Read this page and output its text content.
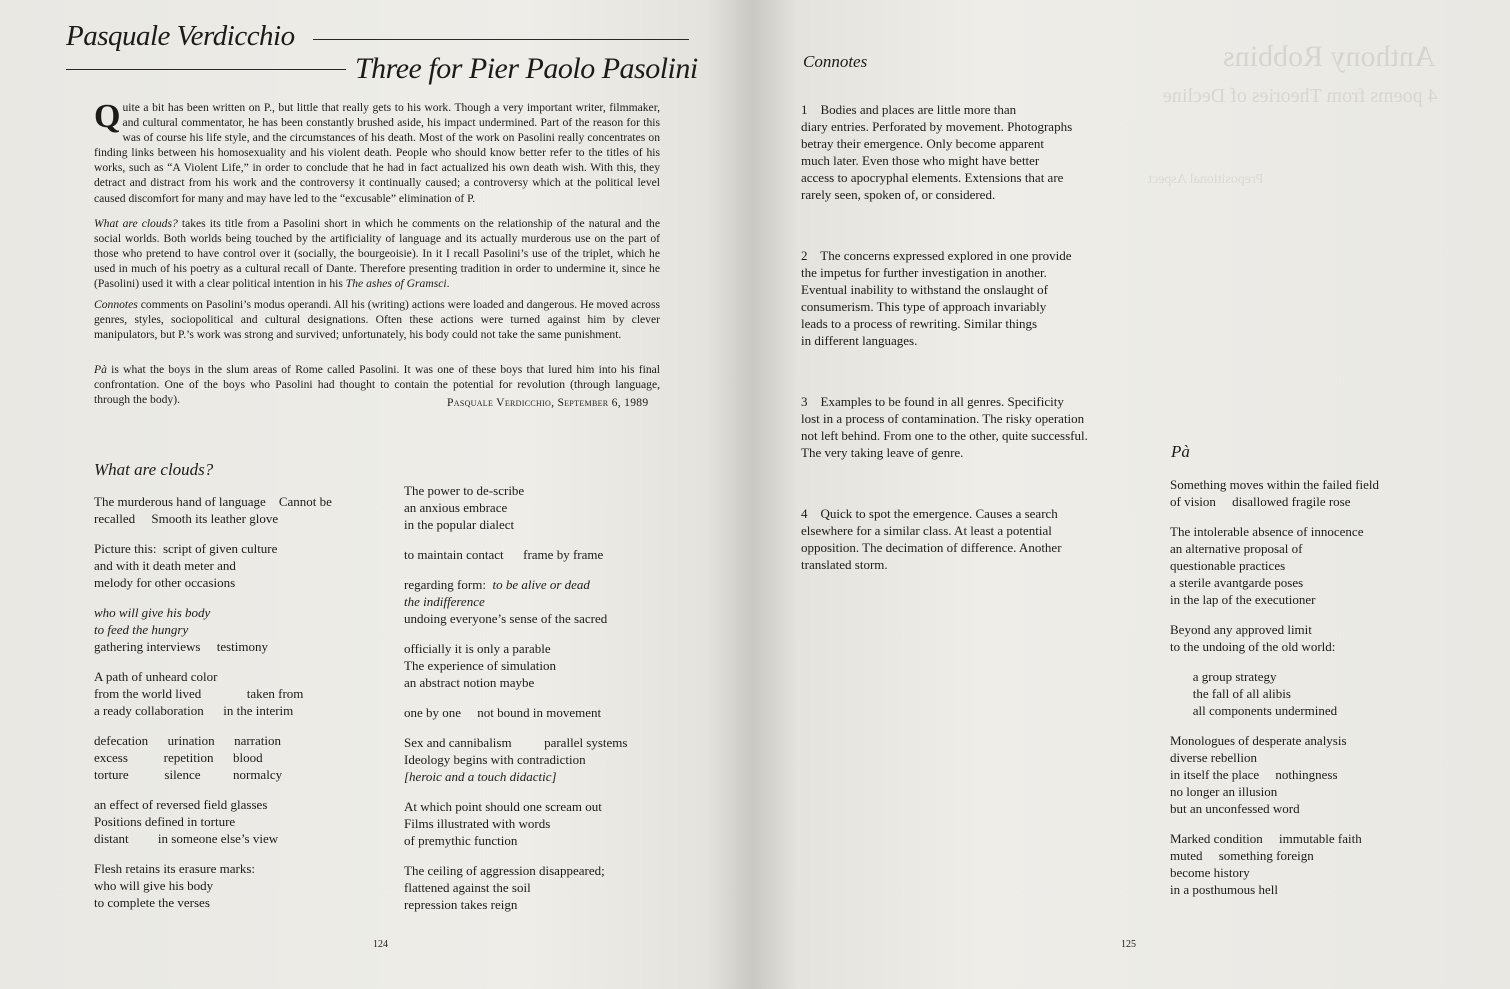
Pasquale Verdicchio
Three for Pier Paolo Pasolini

Quite a bit has been written on P., but little that really gets to his work. Though a very important writer, filmmaker, and cultural commentator, he has been constantly brushed aside, his impact undermined. Part of the reason for this was of course his life style, and the circumstances of his death. Most of the work on Pasolini really concentrates on finding links between his homosexuality and his violent death. People who should know better refer to the titles of his works, such as “A Violent Life,” in order to conclude that he had in fact actualized his own death wish. With this, they detract and distract from his work and the controversy it continually caused; a controversy which at the political level caused discomfort for many and may have led to the “excusable” elimination of P.

What are clouds? takes its title from a Pasolini short in which he comments on the relationship of the natural and the social worlds. Both worlds being touched by the artificiality of language and its actually murderous use on the part of those who pretend to have control over it (socially, the bourgeoisie). In it I recall Pasolini’s use of the triplet, which he used in much of his poetry as a cultural recall of Dante. Therefore presenting tradition in order to undermine it, since he (Pasolini) used it with a clear political intention in his The ashes of Gramsci.

Connotes comments on Pasolini’s modus operandi. All his (writing) actions were loaded and dangerous. He moved across genres, styles, sociopolitical and cultural designations. Often these actions were turned against him by clever manipulators, but P.’s work was strong and survived; unfortunately, his body could not take the same punishment.

Pà is what the boys in the slum areas of Rome called Pasolini. It was one of these boys that lured him into his final confrontation. One of the boys who Pasolini had thought to contain the potential for revolution (through language, through the body).	Pasquale Verdicchio, September 6, 1989
What are clouds?
The murderous hand of language    Cannot be
recalled     Smooth its leather glove
Picture this:  script of given culture
and with it death meter and
melody for other occasions
who will give his body
to feed the hungry
gathering interviews     testimony
A path of unheard color
from the world lived              taken from
a ready collaboration      in the interim
defecation      urination      narration
excess           repetition      blood
torture           silence          normalcy
an effect of reversed field glasses
Positions defined in torture
distant         in someone else’s view
Flesh retains its erasure marks:
who will give his body
to complete the verses
The power to de-scribe
an anxious embrace
in the popular dialect
to maintain contact      frame by frame
regarding form:  to be alive or dead
the indifference
undoing everyone’s sense of the sacred
officially it is only a parable
The experience of simulation
an abstract notion maybe
one by one     not bound in movement
Sex and cannibalism          parallel systems
Ideology begins with contradiction
[heroic and a touch didactic]
At which point should one scream out
Films illustrated with words
of premythic function
The ceiling of aggression disappeared;
flattened against the soil
repression takes reign
124
Anthony Robbins
4 poems from Theories of Decline
Prepositional Aspect
Connotes
1    Bodies and places are little more than
diary entries. Perforated by movement. Photographs
betray their emergence. Only become apparent
much later. Even those who might have better
access to apocryphal elements. Extensions that are
rarely seen, spoken of, or considered.
2    The concerns expressed explored in one provide
the impetus for further investigation in another.
Eventual inability to withstand the onslaught of
consumerism. This type of approach invariably
leads to a process of rewriting. Similar things
in different languages.
3    Examples to be found in all genres. Specificity
lost in a process of contamination. The risky operation
not left behind. From one to the other, quite successful.
The very taking leave of genre.
4    Quick to spot the emergence. Causes a search
elsewhere for a similar class. At least a potential
opposition. The decimation of difference. Another
translated storm.
Pà
Something moves within the failed field
of vision     disallowed fragile rose
The intolerable absence of innocence
an alternative proposal of
questionable practices
a sterile avantgarde poses
in the lap of the executioner
Beyond any approved limit
to the undoing of the old world:
a group strategy
the fall of all alibis
all components undermined
Monologues of desperate analysis
diverse rebellion
in itself the place     nothingness
no longer an illusion
but an unconfessed word
Marked condition     immutable faith
muted     something foreign
become history
in a posthumous hell
125
